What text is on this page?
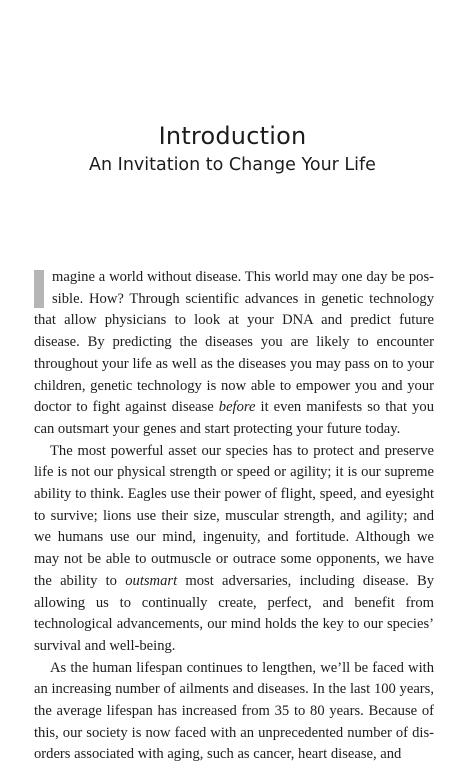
Introduction
An Invitation to Change Your Life

magine a world without disease. This world may one day be possible. How? Through scientific advances in genetic technology that allow physicians to look at your DNA and predict future disease. By predicting the diseases you are likely to encounter throughout your life as well as the diseases you may pass on to your children, genetic technology is now able to empower you and your doctor to fight against disease before it even manifests so that you can outsmart your genes and start protecting your future today.

The most powerful asset our species has to protect and preserve life is not our physical strength or speed or agility; it is our supreme ability to think. Eagles use their power of flight, speed, and eyesight to survive; lions use their size, muscular strength, and agility; and we humans use our mind, ingenuity, and fortitude. Although we may not be able to outmuscle or outrace some opponents, we have the ability to outsmart most adversaries, including disease. By allowing us to continually create, perfect, and benefit from technological advancements, our mind holds the key to our species’ survival and well-being.

As the human lifespan continues to lengthen, we’ll be faced with an increasing number of ailments and diseases. In the last 100 years, the average lifespan has increased from 35 to 80 years. Because of this, our society is now faced with an unprecedented number of disorders associated with aging, such as cancer, heart disease, and
